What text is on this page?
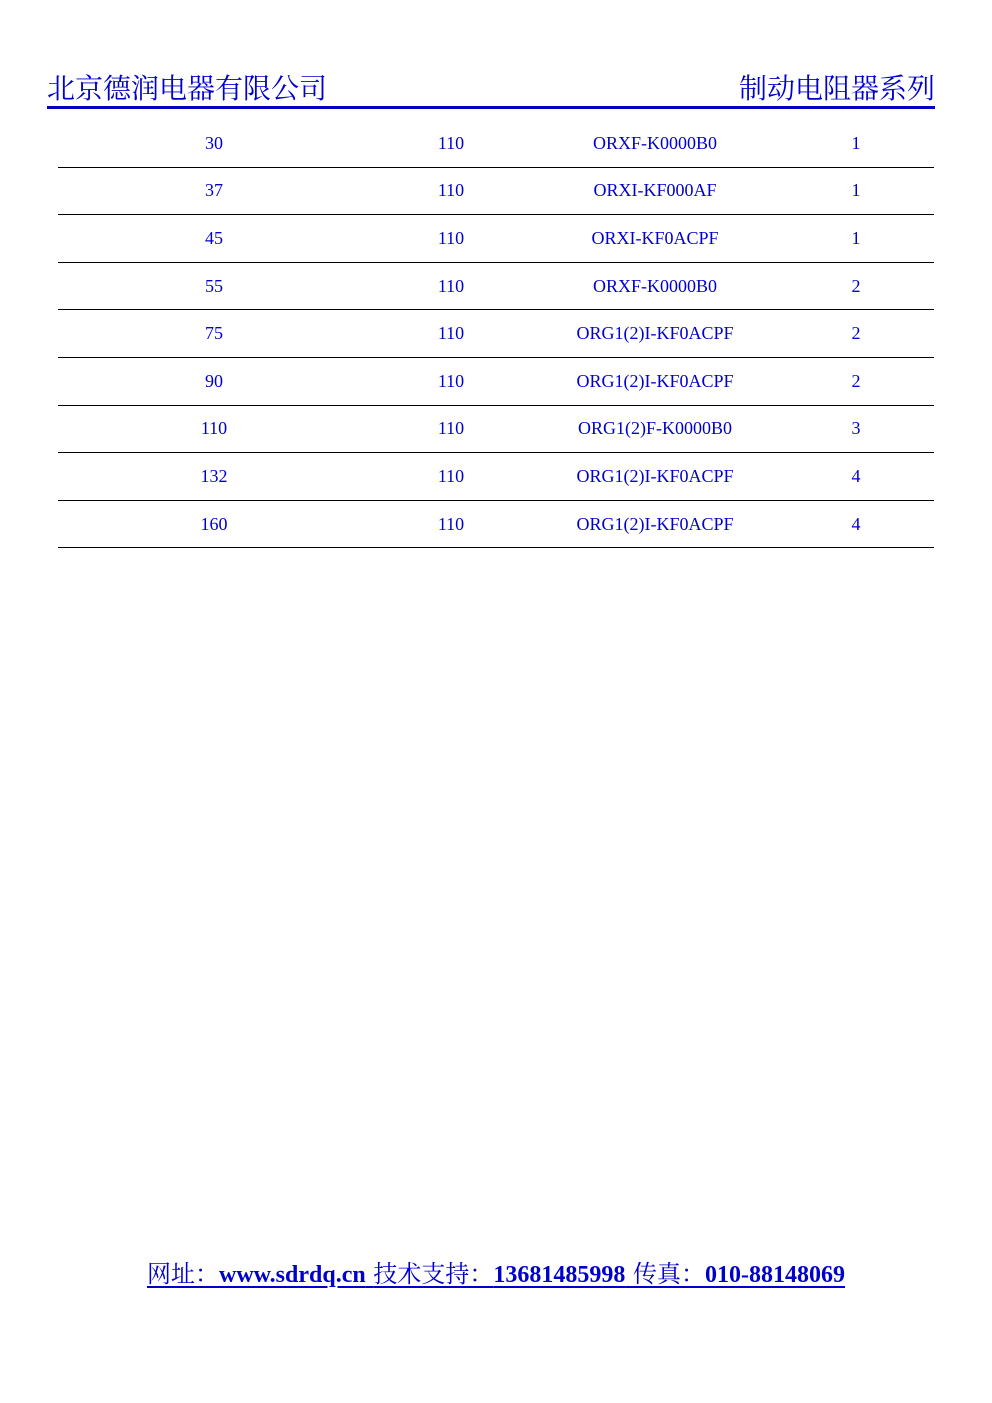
北京德润电器有限公司	制动电阻器系列
30	110	ORXF-K0000B0	1
37	110	ORXI-KF000AF	1
45	110	ORXI-KF0ACPF	1
55	110	ORXF-K0000B0	2
75	110	ORG1(2)I-KF0ACPF	2
90	110	ORG1(2)I-KF0ACPF	2
110	110	ORG1(2)F-K0000B0	3
132	110	ORG1(2)I-KF0ACPF	4
160	110	ORG1(2)I-KF0ACPF	4
网址：www.sdrdq.cn 技术支持：13681485998 传真：010-88148069
